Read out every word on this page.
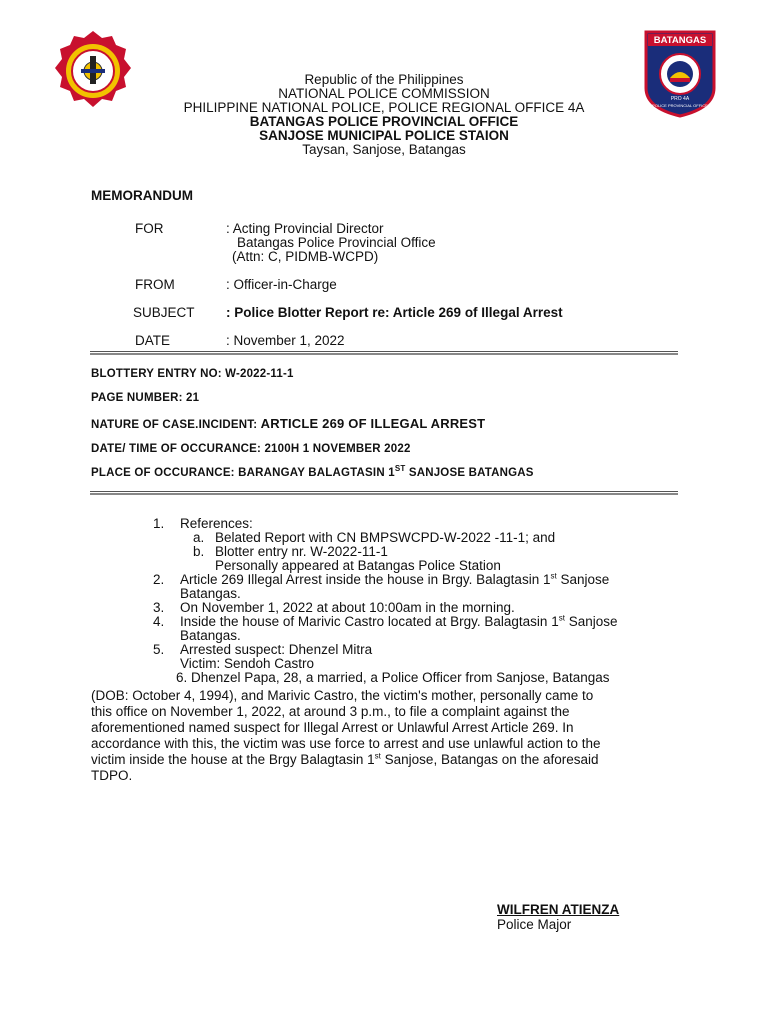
BATANGAS
PRO 4A
POLICE PROVINCIAL OFFICE
Republic of the Philippines
NATIONAL POLICE COMMISSION
PHILIPPINE NATIONAL POLICE, POLICE REGIONAL OFFICE 4A
BATANGAS POLICE PROVINCIAL OFFICE
SANJOSE MUNICIPAL POLICE STAION
Taysan, Sanjose, Batangas
MEMORANDUM
FOR	: Acting Provincial Director
Batangas Police Provincial Office
(Attn: C, PIDMB-WCPD)
FROM	: Officer-in-Charge
SUBJECT : Police Blotter Report re: Article 269 of Illegal Arrest
DATE	: November 1, 2022
BLOTTERY ENTRY NO: W-2022-11-1
PAGE NUMBER: 21
NATURE OF CASE.INCIDENT: ARTICLE 269 OF ILLEGAL ARREST
DATE/ TIME OF OCCURANCE: 2100H 1 NOVEMBER 2022
PLACE OF OCCURANCE: BARANGAY BALAGTASIN 1ST SANJOSE BATANGAS
1. References:
a. Belated Report with CN BMPSWCPD-W-2022 -11-1; and
b. Blotter entry nr. W-2022-11-1
Personally appeared at Batangas Police Station
2. Article 269 Illegal Arrest inside the house in Brgy. Balagtasin 1st Sanjose
Batangas.
3. On November 1, 2022 at about 10:00am in the morning.
4. Inside the house of Marivic Castro located at Brgy. Balagtasin 1st Sanjose
Batangas.
5. Arrested suspect: Dhenzel Mitra
Victim: Sendoh Castro
6. Dhenzel Papa, 28, a married, a Police Officer from Sanjose, Batangas
(DOB: October 4, 1994), and Marivic Castro, the victim's mother, personally came to
this office on November 1, 2022, at around 3 p.m., to file a complaint against the
aforementioned named suspect for Illegal Arrest or Unlawful Arrest Article 269. In
accordance with this, the victim was use force to arrest and use unlawful action to the
victim inside the house at the Brgy Balagtasin 1st Sanjose, Batangas on the aforesaid
TDPO.
WILFREN ATIENZA
Police Major
